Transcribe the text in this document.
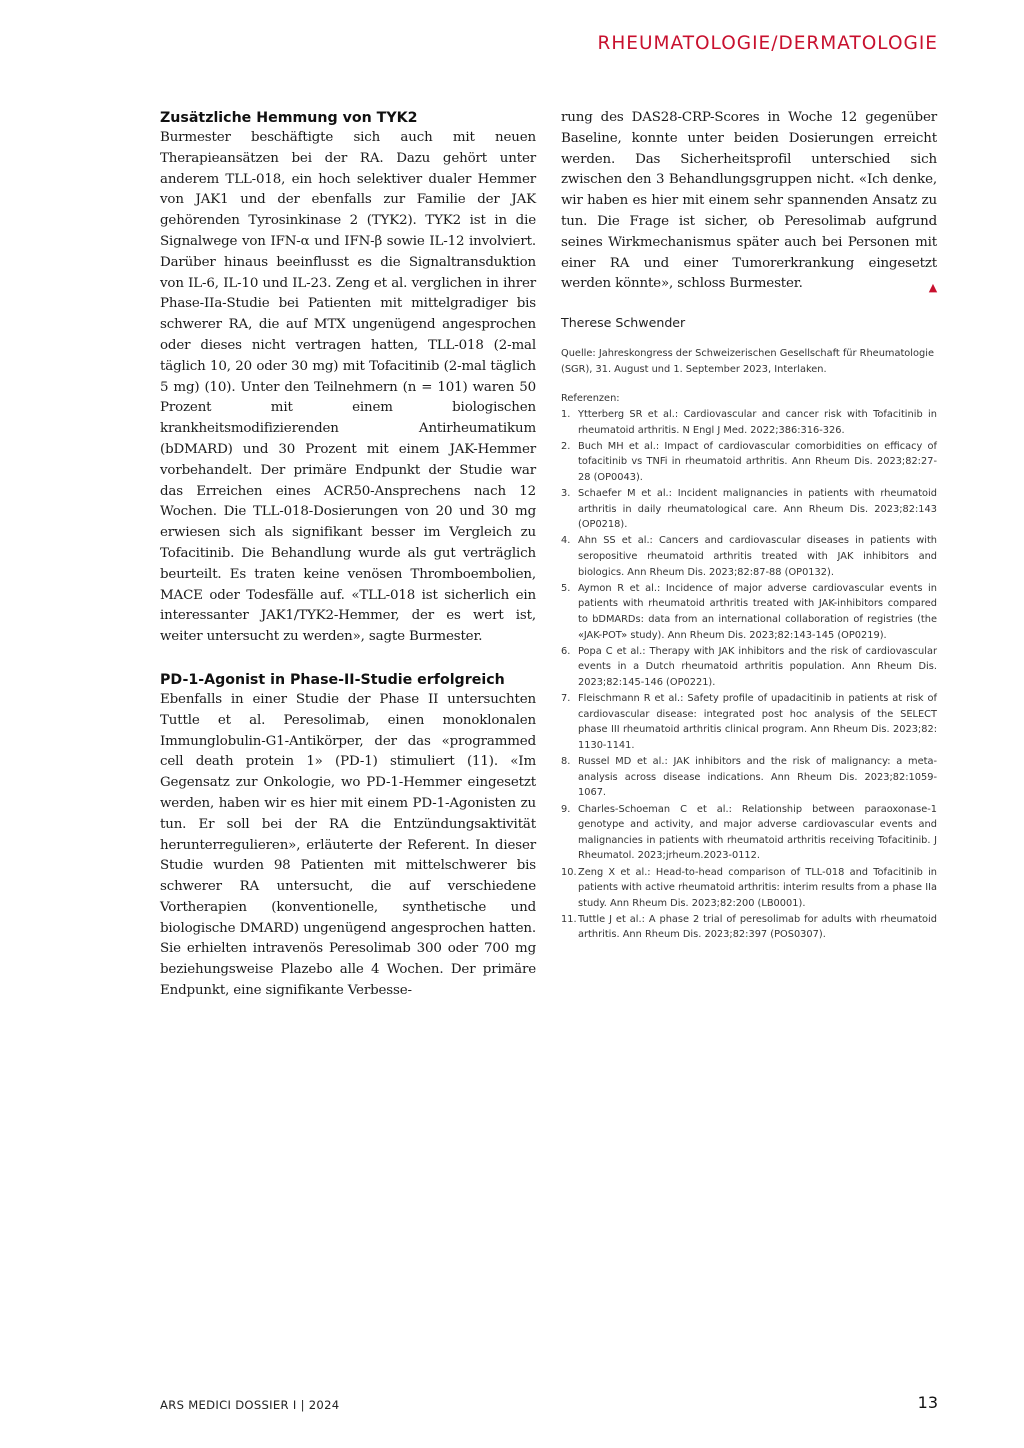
RHEUMATOLOGIE/DERMATOLOGIE
Zusätzliche Hemmung von TYK2

Burmester beschäftigte sich auch mit neuen Therapieansätzen bei der RA. Dazu gehört unter anderem TLL-018, ein hoch selektiver dualer Hemmer von JAK1 und der ebenfalls zur Familie der JAK gehörenden Tyrosinkinase 2 (TYK2). TYK2 ist in die Signalwege von IFN-α und IFN-β sowie IL-12 involviert. Darüber hinaus beeinflusst es die Signaltransduktion von IL-6, IL-10 und IL-23. Zeng et al. verglichen in ihrer Phase-IIa-Studie bei Patienten mit mittelgradiger bis schwerer RA, die auf MTX ungenügend angesprochen oder dieses nicht vertragen hatten, TLL-018 (2-mal täglich 10, 20 oder 30 mg) mit Tofacitinib (2-mal täglich 5 mg) (10). Unter den Teilnehmern (n = 101) waren 50 Prozent mit einem biologischen krankheitsmodifizierenden Antirheumatikum (bDMARD) und 30 Prozent mit einem JAK-Hemmer vorbehandelt. Der primäre Endpunkt der Studie war das Erreichen eines ACR50-Ansprechens nach 12 Wochen. Die TLL-018-Dosierungen von 20 und 30 mg erwiesen sich als signifikant besser im Vergleich zu Tofacitinib. Die Behandlung wurde als gut verträglich beurteilt. Es traten keine venösen Thromboembolien, MACE oder Todesfälle auf. «TLL-018 ist sicherlich ein interessanter JAK1/TYK2-Hemmer, der es wert ist, weiter untersucht zu werden», sagte Burmester.

PD-1-Agonist in Phase-II-Studie erfolgreich

Ebenfalls in einer Studie der Phase II untersuchten Tuttle et al. Peresolimab, einen monoklonalen Immunglobulin-G1-Antikörper, der das «programmed cell death protein 1» (PD-1) stimuliert (11). «Im Gegensatz zur Onkologie, wo PD-1-Hemmer eingesetzt werden, haben wir es hier mit einem PD-1-Agonisten zu tun. Er soll bei der RA die Entzündungsaktivität herunterregulieren», erläuterte der Referent. In dieser Studie wurden 98 Patienten mit mittelschwerer bis schwerer RA untersucht, die auf verschiedene Vortherapien (konventionelle, synthetische und biologische DMARD) ungenügend angesprochen hatten. Sie erhielten intravenös Peresolimab 300 oder 700 mg beziehungsweise Plazebo alle 4 Wochen. Der primäre Endpunkt, eine signifikante Verbesse-

rung des DAS28-CRP-Scores in Woche 12 gegenüber Baseline, konnte unter beiden Dosierungen erreicht werden. Das Sicherheitsprofil unterschied sich zwischen den 3 Behandlungsgruppen nicht. «Ich denke, wir haben es hier mit einem sehr spannenden Ansatz zu tun. Die Frage ist sicher, ob Peresolimab aufgrund seines Wirkmechanismus später auch bei Personen mit einer RA und einer Tumorerkrankung eingesetzt werden könnte», schloss Burmester.	▲

Therese Schwender
Quelle: Jahreskongress der Schweizerischen Gesellschaft für Rheumatologie (SGR), 31. August und 1. September 2023, Interlaken.
Referenzen:
1. Ytterberg SR et al.: Cardiovascular and cancer risk with Tofacitinib in rheumatoid arthritis. N Engl J Med. 2022;386:316-326.
2. Buch MH et al.: Impact of cardiovascular comorbidities on efficacy of tofacitinib vs TNFi in rheumatoid arthritis. Ann Rheum Dis. 2023;82:27-28 (OP0043).
3. Schaefer M et al.: Incident malignancies in patients with rheumatoid arthritis in daily rheumatological care. Ann Rheum Dis. 2023;82:143 (OP0218).
4. Ahn SS et al.: Cancers and cardiovascular diseases in patients with seropositive rheumatoid arthritis treated with JAK inhibitors and biologics. Ann Rheum Dis. 2023;82:87-88 (OP0132).
5. Aymon R et al.: Incidence of major adverse cardiovascular events in patients with rheumatoid arthritis treated with JAK-inhibitors compared to bDMARDs: data from an international collaboration of registries (the «JAK-POT» study). Ann Rheum Dis. 2023;82:143-145 (OP0219).
6. Popa C et al.: Therapy with JAK inhibitors and the risk of cardiovascular events in a Dutch rheumatoid arthritis population. Ann Rheum Dis. 2023;82:145-146 (OP0221).
7. Fleischmann R et al.: Safety profile of upadacitinib in patients at risk of cardiovascular disease: integrated post hoc analysis of the SELECT phase III rheumatoid arthritis clinical program. Ann Rheum Dis. 2023;82: 1130-1141.
8. Russel MD et al.: JAK inhibitors and the risk of malignancy: a meta-analysis across disease indications. Ann Rheum Dis. 2023;82:1059-1067.
9. Charles-Schoeman C et al.: Relationship between paraoxonase-1 genotype and activity, and major adverse cardiovascular events and malignancies in patients with rheumatoid arthritis receiving Tofacitinib. J Rheumatol. 2023;jrheum.2023-0112.
10. Zeng X et al.: Head-to-head comparison of TLL-018 and Tofacitinib in patients with active rheumatoid arthritis: interim results from a phase IIa study. Ann Rheum Dis. 2023;82:200 (LB0001).
11. Tuttle J et al.: A phase 2 trial of peresolimab for adults with rheumatoid arthritis. Ann Rheum Dis. 2023;82:397 (POS0307).
ARS MEDICI DOSSIER I | 2024	13
